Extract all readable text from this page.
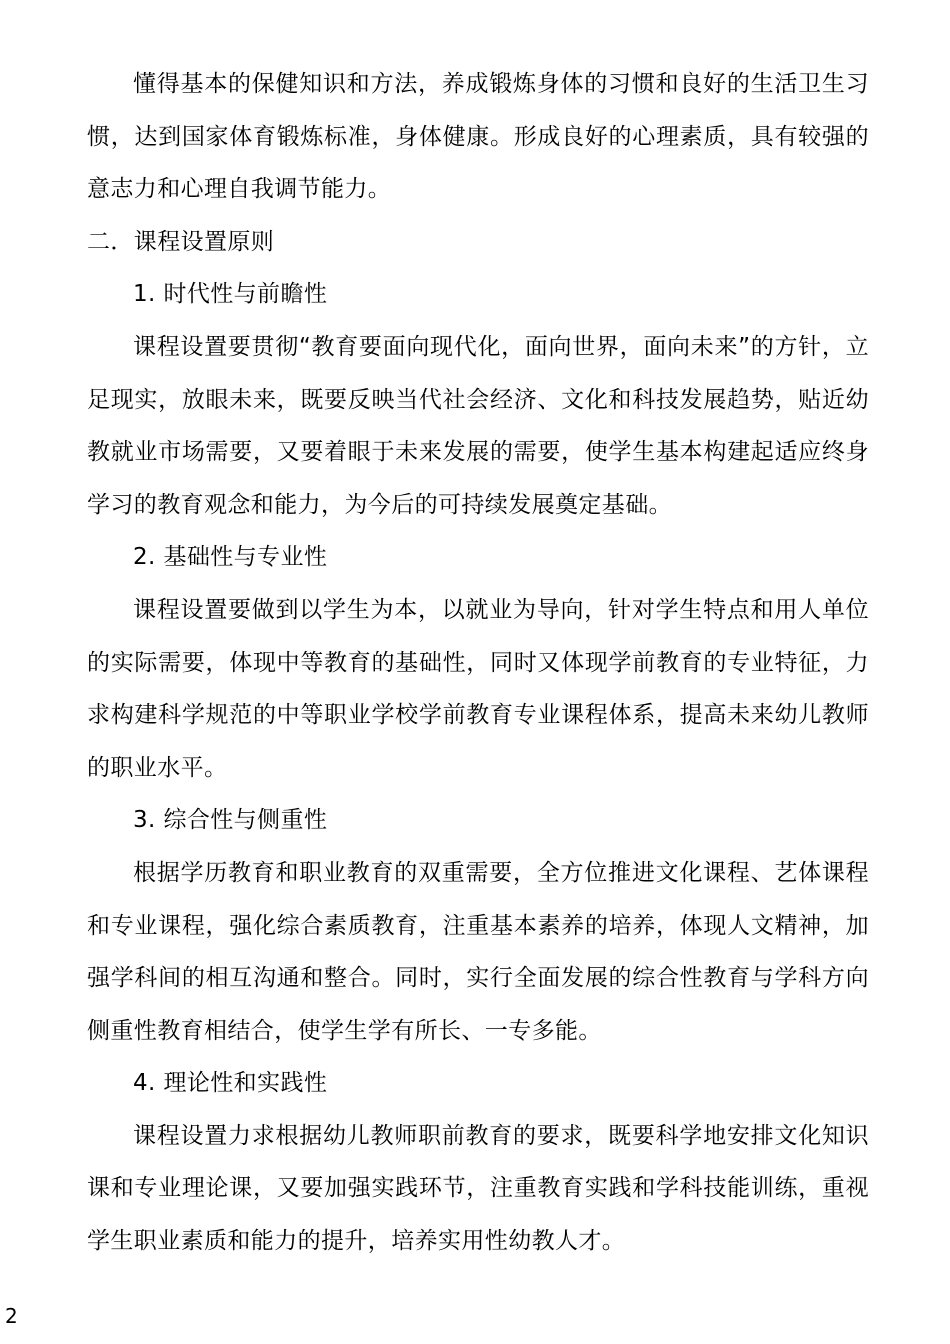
懂得基本的保健知识和方法，养成锻炼身体的习惯和良好的生活卫生习惯，达到国家体育锻炼标准，身体健康。形成良好的心理素质，具有较强的意志力和心理自我调节能力。

二．课程设置原则

1. 时代性与前瞻性

课程设置要贯彻“教育要面向现代化，面向世界，面向未来”的方针，立足现实，放眼未来，既要反映当代社会经济、文化和科技发展趋势，贴近幼教就业市场需要，又要着眼于未来发展的需要，使学生基本构建起适应终身学习的教育观念和能力，为今后的可持续发展奠定基础。

2. 基础性与专业性

课程设置要做到以学生为本，以就业为导向，针对学生特点和用人单位的实际需要，体现中等教育的基础性，同时又体现学前教育的专业特征，力求构建科学规范的中等职业学校学前教育专业课程体系，提高未来幼儿教师的职业水平。

3. 综合性与侧重性

根据学历教育和职业教育的双重需要，全方位推进文化课程、艺体课程和专业课程，强化综合素质教育，注重基本素养的培养，体现人文精神，加强学科间的相互沟通和整合。同时，实行全面发展的综合性教育与学科方向侧重性教育相结合，使学生学有所长、一专多能。

4. 理论性和实践性

课程设置力求根据幼儿教师职前教育的要求，既要科学地安排文化知识课和专业理论课，又要加强实践环节，注重教育实践和学科技能训练，重视学生职业素质和能力的提升，培养实用性幼教人才。

2
